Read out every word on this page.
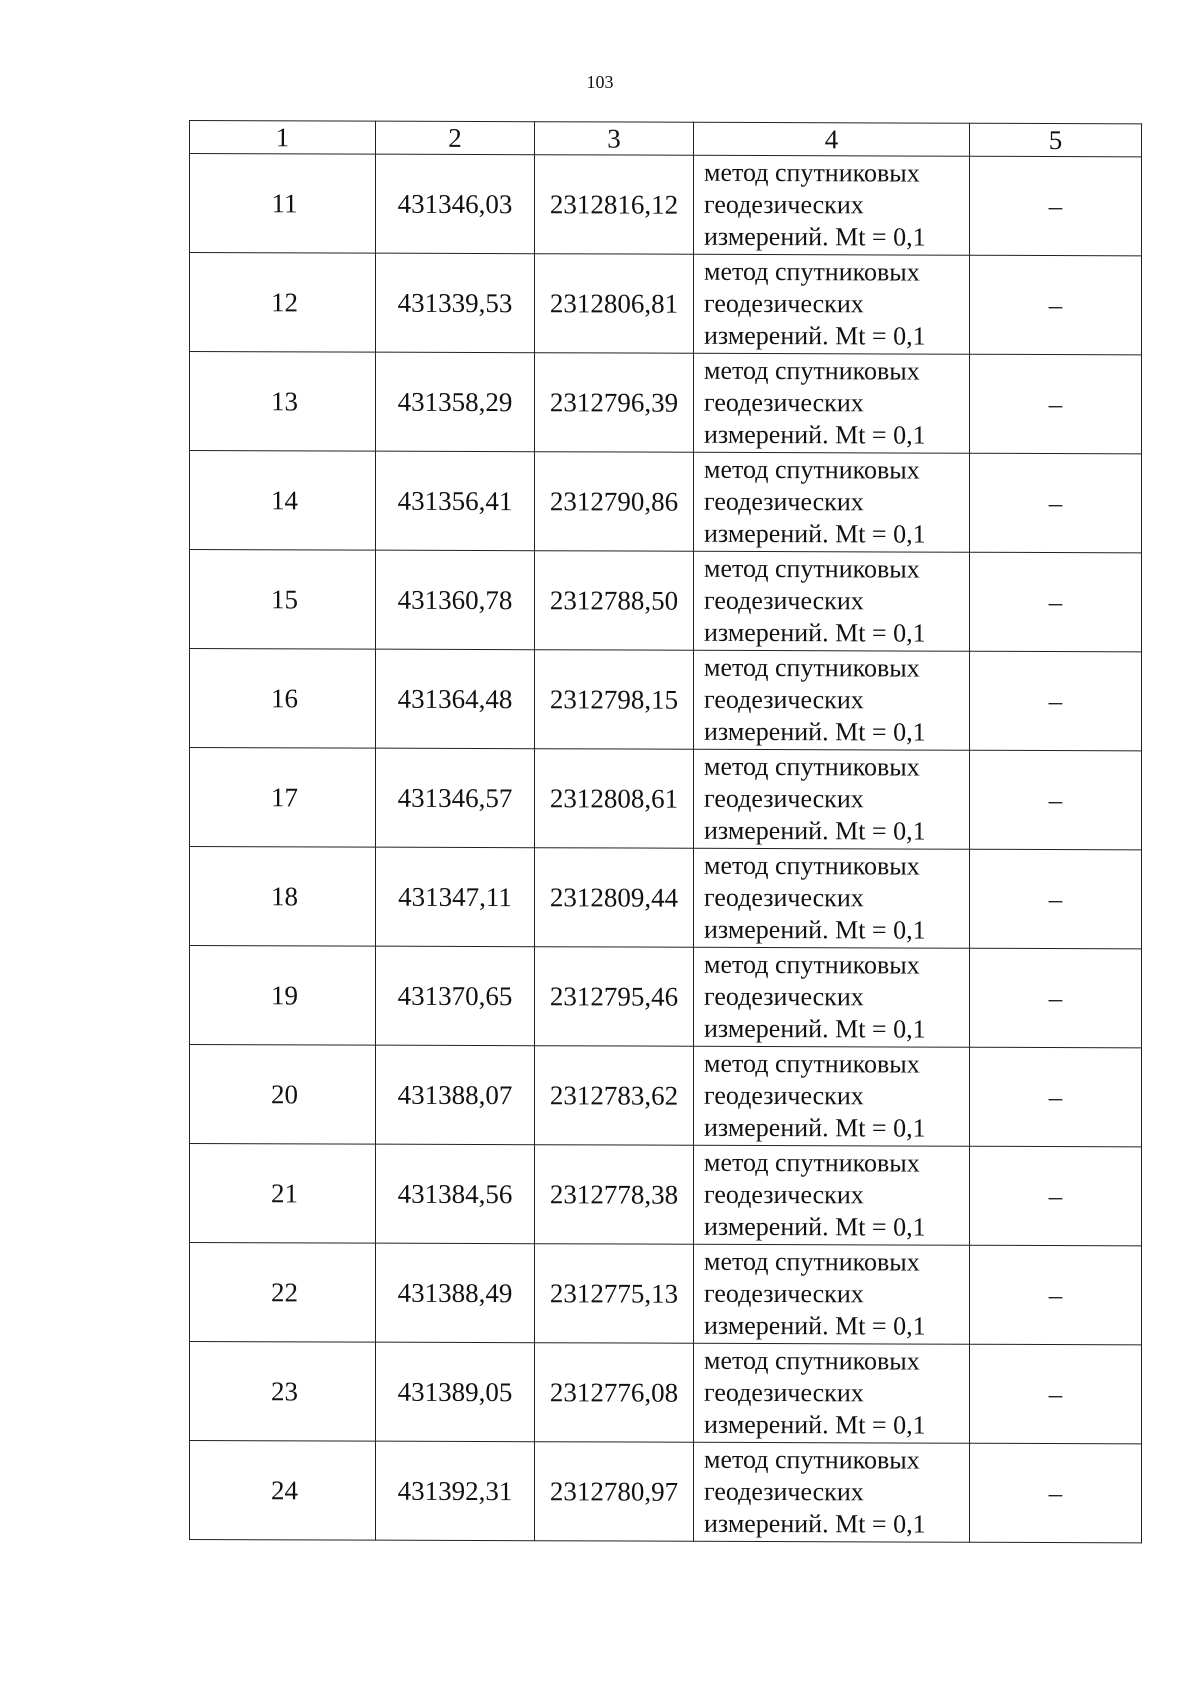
103
1	2	3	4	5
11	431346,03	2312816,12	метод спутниковых
геодезических
измерений. Mt = 0,1	–
12	431339,53	2312806,81	метод спутниковых
геодезических
измерений. Mt = 0,1	–
13	431358,29	2312796,39	метод спутниковых
геодезических
измерений. Mt = 0,1	–
14	431356,41	2312790,86	метод спутниковых
геодезических
измерений. Mt = 0,1	–
15	431360,78	2312788,50	метод спутниковых
геодезических
измерений. Mt = 0,1	–
16	431364,48	2312798,15	метод спутниковых
геодезических
измерений. Mt = 0,1	–
17	431346,57	2312808,61	метод спутниковых
геодезических
измерений. Mt = 0,1	–
18	431347,11	2312809,44	метод спутниковых
геодезических
измерений. Mt = 0,1	–
19	431370,65	2312795,46	метод спутниковых
геодезических
измерений. Mt = 0,1	–
20	431388,07	2312783,62	метод спутниковых
геодезических
измерений. Mt = 0,1	–
21	431384,56	2312778,38	метод спутниковых
геодезических
измерений. Mt = 0,1	–
22	431388,49	2312775,13	метод спутниковых
геодезических
измерений. Mt = 0,1	–
23	431389,05	2312776,08	метод спутниковых
геодезических
измерений. Mt = 0,1	–
24	431392,31	2312780,97	метод спутниковых
геодезических
измерений. Mt = 0,1	–
